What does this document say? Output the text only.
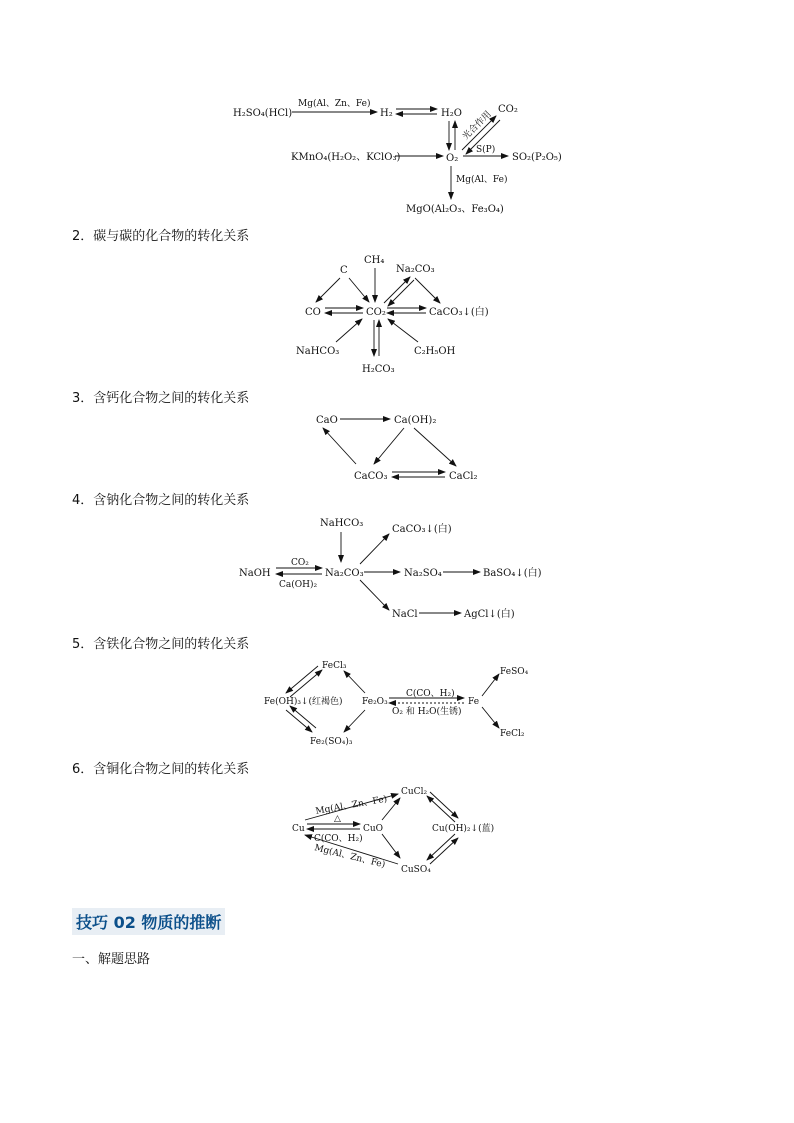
H₂SO₄(HCl)
Mg(Al、Zn、Fe)
H₂	H₂O 光合作用
CO₂
KMnO₄(H₂O₂、KClO₃)	O₂
S(P)
SO₂(P₂O₅)
Mg(Al、Fe)
MgO(Al₂O₃、Fe₃O₄)
2．碳与碳的化合物的转化关系
C
CH₄
Na₂CO₃
CO	CO₂	CaCO₃↓(白)
NaHCO₃	C₂H₅OH
H₂CO₃
3．含钙化合物之间的转化关系
CaO	Ca(OH)₂
CaCO₃	CaCl₂
4．含钠化合物之间的转化关系
NaHCO₃
CaCO₃↓(白)
CO₂
NaOH
Ca(OH)₂
Na₂CO₃	Na₂SO₄	BaSO₄↓(白)
NaCl	AgCl↓(白)
5．含铁化合物之间的转化关系
FeCl₃
Fe(OH)₃↓(红褐色) Fe₂O₃
C(CO、H₂)
O₂ 和 H₂O(生锈)
Fe
FeSO₄
FeCl₂
Fe₂(SO₄)₃
6．含铜化合物之间的转化关系
Mg(Al、Zn、Fe)
CuCl₂
△
Cu	CuO
C(CO、H₂)
Cu(OH)₂↓(蓝)
Mg(Al、Zn、Fe) CuSO₄
技巧 02 物质的推断
一、解题思路
